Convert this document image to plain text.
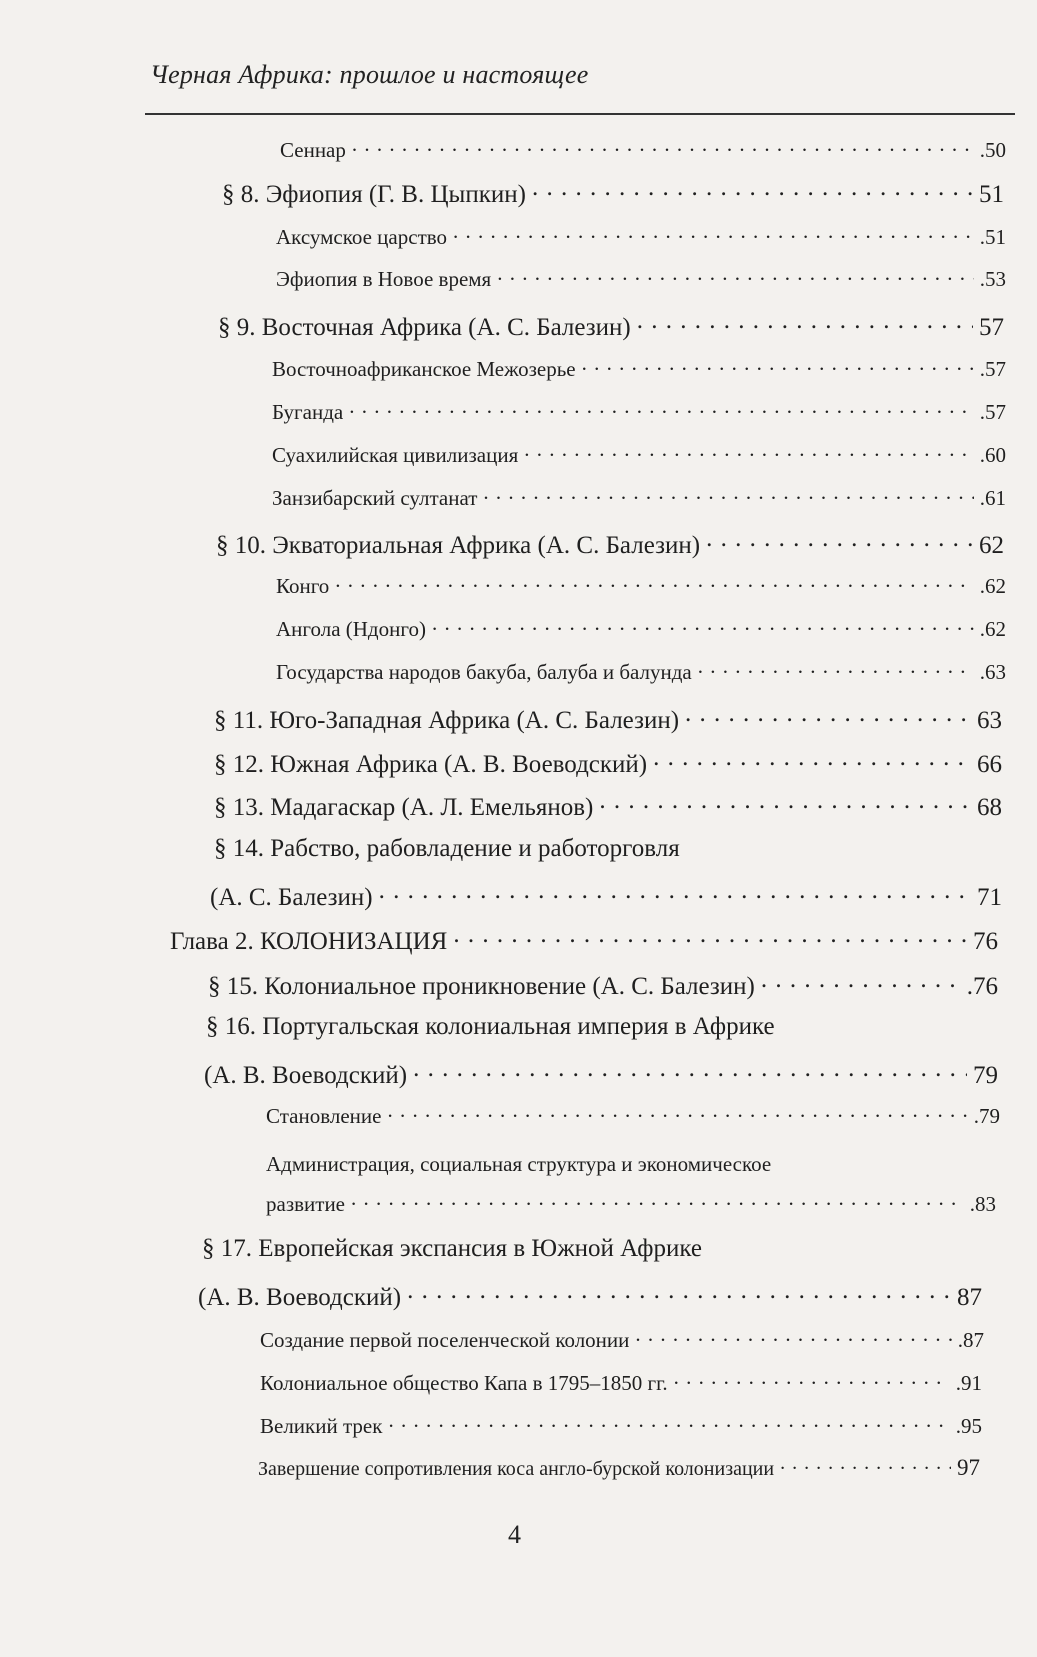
Черная Африка: прошлое и настоящее
Сеннар . . .	.50
§ 8. Эфиопия (Г. В. Цыпкин) . . .	51
Аксумское царство . . .	.51
Эфиопия в Новое время . . .	.53
§ 9. Восточная Африка (А. С. Балезин) . . .	57
Восточноафриканское Межозерье . . .	.57
Буганда . . .	.57
Суахилийская цивилизация . . .	.60
Занзибарский султанат . . .	.61
§ 10. Экваториальная Африка (А. С. Балезин) . . .	62
Конго . . .	.62
Ангола (Ндонго) . . .	.62
Государства народов бакуба, балуба и балунда . . .	.63
§ 11. Юго-Западная Африка (А. С. Балезин) . . .	63
§ 12. Южная Африка (А. В. Воеводский) . . .	66
§ 13. Мадагаскар (А. Л. Емельянов) . . .	68
§ 14. Рабство, рабовладение и работорговля
(А. С. Балезин) . . .	71
Глава 2. КОЛОНИЗАЦИЯ . . .	76
§ 15. Колониальное проникновение (А. С. Балезин) . . .	.76
§ 16. Португальская колониальная империя в Африке
(А. В. Воеводский) . . .	79
Становление . . .	.79
Администрация, социальная структура и экономическое
развитие . . .	.83
§ 17. Европейская экспансия в Южной Африке
(А. В. Воеводский) . . .	87
Создание первой поселенческой колонии . . .	.87
Колониальное общество Капа в 1795–1850 гг. . . .	.91
Великий трек . . .	.95
Завершение сопротивления коса англо-бурской колонизации . . .	97
4
